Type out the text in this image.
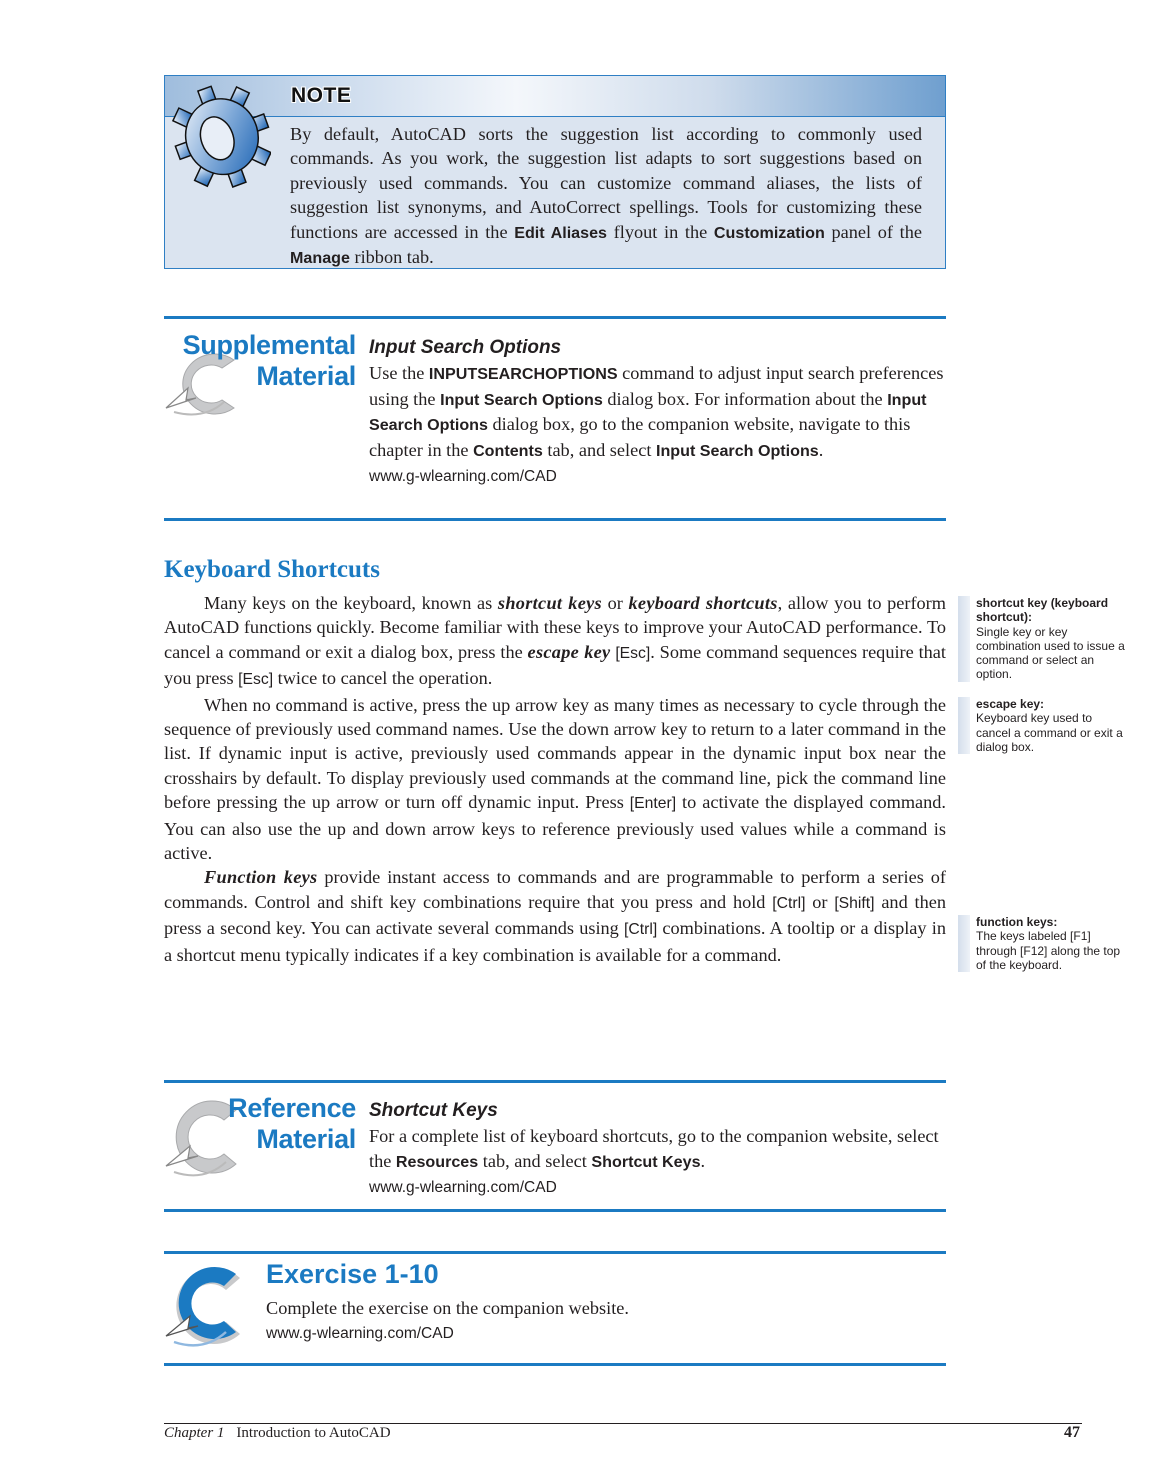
NOTE
By default, AutoCAD sorts the suggestion list according to commonly used commands. As you work, the suggestion list adapts to sort suggestions based on previously used commands. You can customize command aliases, the lists of suggestion list synonyms, and AutoCorrect spellings. Tools for customizing these functions are accessed in the Edit Aliases flyout in the Customization panel of the Manage ribbon tab.
Supplemental
Material
Input Search Options
Use the INPUTSEARCHOPTIONS command to adjust input search preferences using the Input Search Options dialog box. For information about the Input Search Options dialog box, go to the companion website, navigate to this chapter in the Contents tab, and select Input Search Options.
www.g-wlearning.com/CAD
Keyboard Shortcuts

Many keys on the keyboard, known as shortcut keys or keyboard shortcuts, allow you to perform AutoCAD functions quickly. Become familiar with these keys to improve your AutoCAD performance. To cancel a command or exit a dialog box, press the escape key [Esc]. Some command sequences require that you press [Esc] twice to cancel the operation.

When no command is active, press the up arrow key as many times as necessary to cycle through the sequence of previously used command names. Use the down arrow key to return to a later command in the list. If dynamic input is active, previously used commands appear in the dynamic input box near the crosshairs by default. To display previously used commands at the command line, pick the command line before pressing the up arrow or turn off dynamic input. Press [Enter] to activate the displayed command. You can also use the up and down arrow keys to reference previously used values while a command is active.

Function keys provide instant access to commands and are programmable to perform a series of commands. Control and shift key combinations require that you press and hold [Ctrl] or [Shift] and then press a second key. You can activate several commands using [Ctrl] combinations. A tooltip or a display in a shortcut menu typically indicates if a key combination is available for a command.

shortcut key (keyboard shortcut):
Single key or key combination used to issue a command or select an option.
escape key:
Keyboard key used to cancel a command or exit a dialog box.
function keys:
The keys labeled [F1] through [F12] along the top of the keyboard.
Reference
Material
Shortcut Keys
For a complete list of keyboard shortcuts, go to the companion website, select the Resources tab, and select Shortcut Keys.
www.g-wlearning.com/CAD
Exercise 1-10
Complete the exercise on the companion website.
www.g-wlearning.com/CAD
Chapter 1 Introduction to AutoCAD	47
